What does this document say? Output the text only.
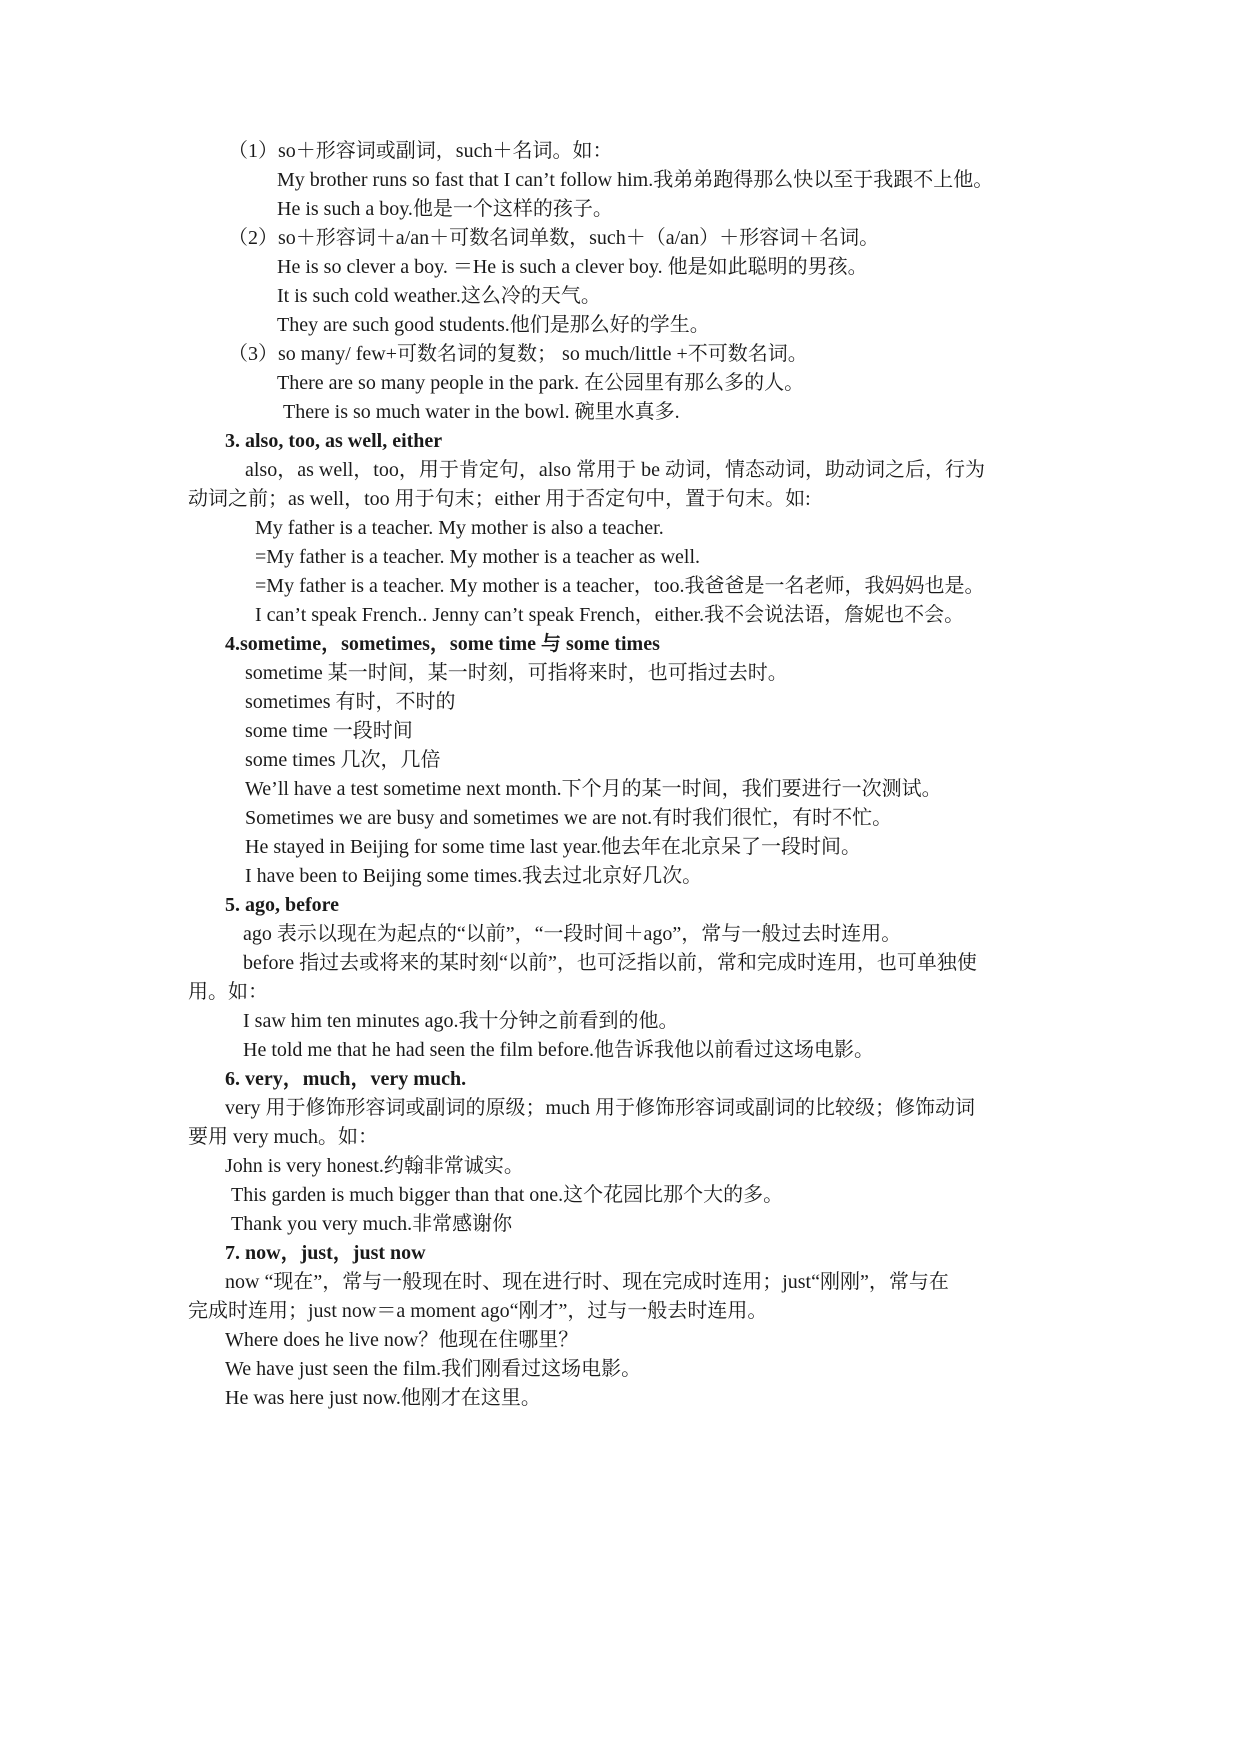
（1）so＋形容词或副词，such＋名词。如：
My brother runs so fast that I can’t follow him.我弟弟跑得那么快以至于我跟不上他。
He is such a boy.他是一个这样的孩子。
（2）so＋形容词＋a/an＋可数名词单数，such＋（a/an）＋形容词＋名词。
He is so clever a boy. ＝He is such a clever boy. 他是如此聪明的男孩。
It is such cold weather.这么冷的天气。
They are such good students.他们是那么好的学生。
（3）so many/ few+可数名词的复数； so much/little +不可数名词。
There are so many people in the park. 在公园里有那么多的人。
There is so much water in the bowl. 碗里水真多.
3. also, too, as well, either
also，as well，too，用于肯定句，also 常用于 be 动词，情态动词，助动词之后，行为
动词之前；as well，too 用于句末；either 用于否定句中，置于句末。如:
My father is a teacher. My mother is also a teacher.
=My father is a teacher. My mother is a teacher as well.
=My father is a teacher. My mother is a teacher，too.我爸爸是一名老师，我妈妈也是。
I can’t speak French.. Jenny can’t speak French，either.我不会说法语，詹妮也不会。
4.sometime，sometimes，some time 与 some times
sometime 某一时间，某一时刻，可指将来时，也可指过去时。
sometimes 有时，不时的
some time 一段时间
some times 几次，几倍
We’ll have a test sometime next month.下个月的某一时间，我们要进行一次测试。
Sometimes we are busy and sometimes we are not.有时我们很忙，有时不忙。
He stayed in Beijing for some time last year.他去年在北京呆了一段时间。
I have been to Beijing some times.我去过北京好几次。
5. ago, before
ago 表示以现在为起点的“以前”，“一段时间＋ago”，常与一般过去时连用。
before 指过去或将来的某时刻“以前”，也可泛指以前，常和完成时连用，也可单独使
用。如：
I saw him ten minutes ago.我十分钟之前看到的他。
He told me that he had seen the film before.他告诉我他以前看过这场电影。
6. very，much，very much.
very 用于修饰形容词或副词的原级；much 用于修饰形容词或副词的比较级；修饰动词
要用 very much。如：
John is very honest.约翰非常诚实。
This garden is much bigger than that one.这个花园比那个大的多。
Thank you very much.非常感谢你
7. now，just，just now
now “现在”，常与一般现在时、现在进行时、现在完成时连用；just“刚刚”，常与在
完成时连用；just now＝a moment ago“刚才”，过与一般去时连用。
Where does he live now？他现在住哪里？
We have just seen the film.我们刚看过这场电影。
He was here just now.他刚才在这里。
